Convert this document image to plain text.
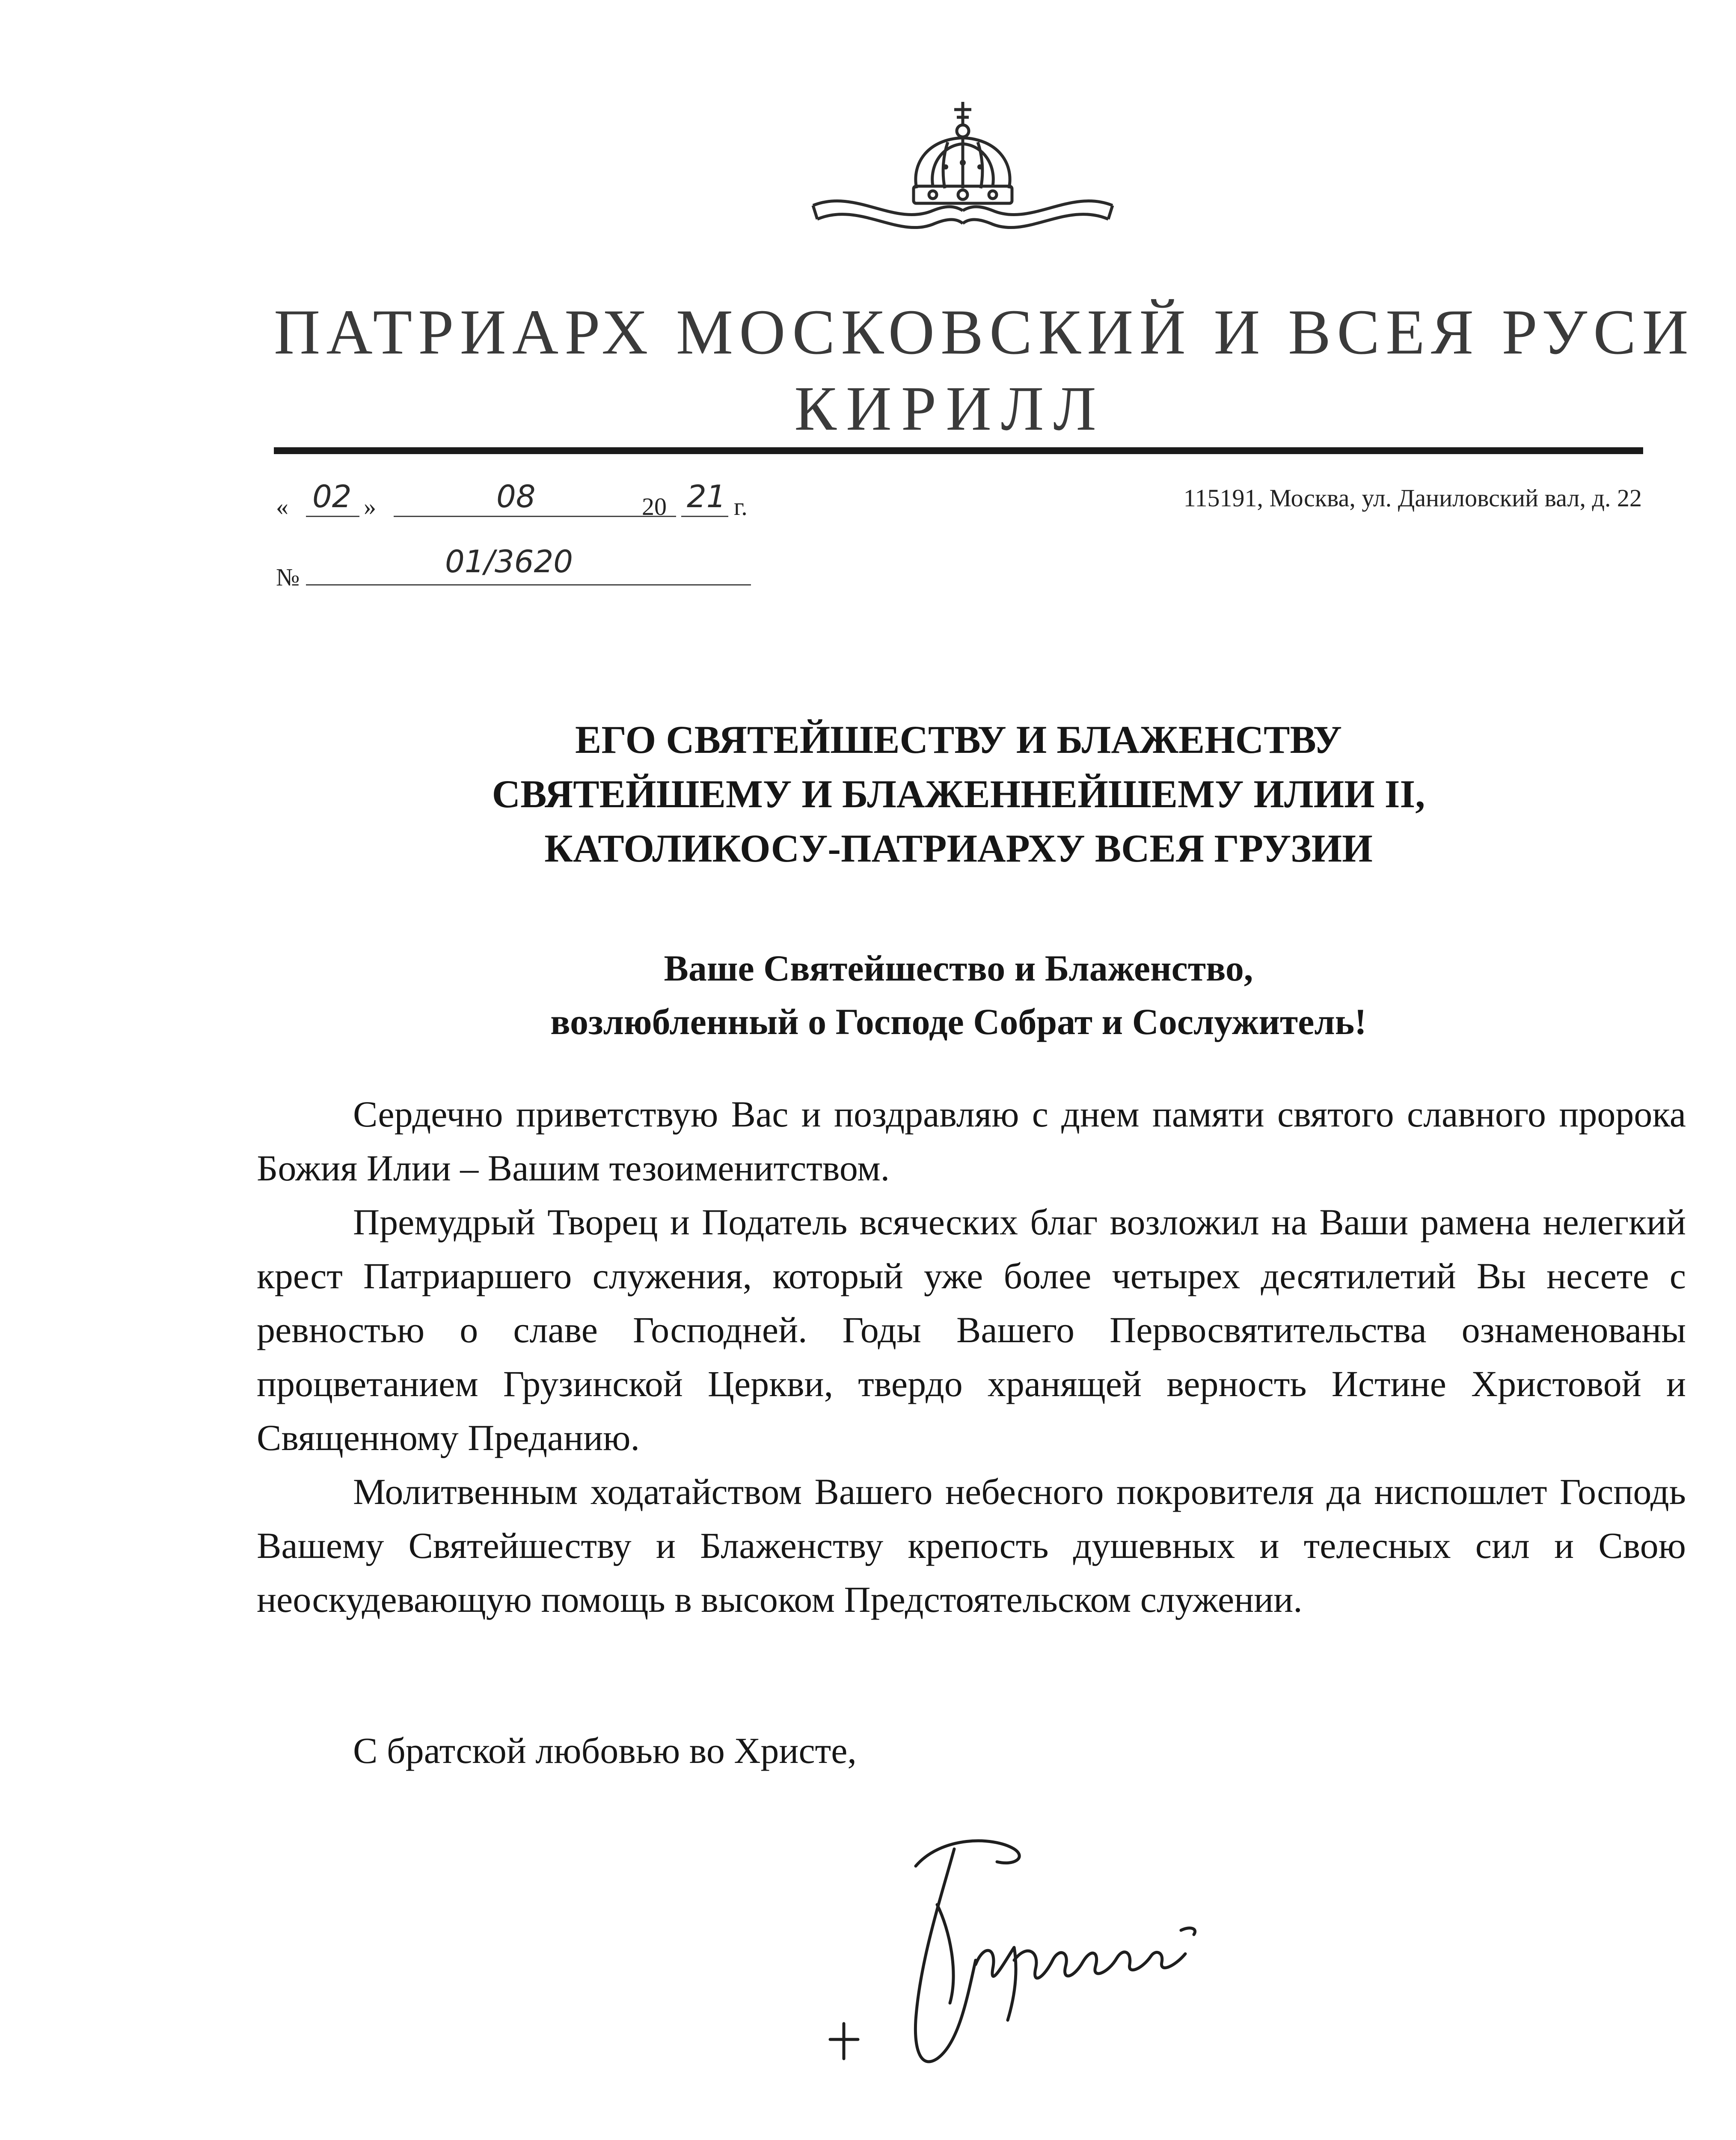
ПАТРИАРХ МОСКОВСКИЙ И ВСЕЯ РУСИ
КИРИЛЛ
« 02 »	08	20 21 г.	115191, Москва, ул. Даниловский вал, д. 22
№	01/3620
ЕГО СВЯТЕЙШЕСТВУ И БЛАЖЕНСТВУ
СВЯТЕЙШЕМУ И БЛАЖЕННЕЙШЕМУ ИЛИИ II,
КАТОЛИКОСУ-ПАТРИАРХУ ВСЕЯ ГРУЗИИ
Ваше Святейшество и Блаженство,
возлюбленный о Господе Собрат и Сослужитель!

Сердечно приветствую Вас и поздравляю с днем памяти святого славного пророка Божия Илии – Вашим тезоименитством.

Премудрый Творец и Податель всяческих благ возложил на Ваши рамена нелегкий крест Патриаршего служения, который уже более четырех десятилетий Вы несете с ревностью о славе Господней. Годы Вашего Первосвятительства ознаменованы процветанием Грузинской Церкви, твердо хранящей верность Истине Христовой и Священному Преданию.

Молитвенным ходатайством Вашего небесного покровителя да ниспошлет Господь Вашему Святейшеству и Блаженству крепость душевных и телесных сил и Свою неоскудевающую помощь в высоком Предстоятельском служении.

С братской любовью во Христе,
